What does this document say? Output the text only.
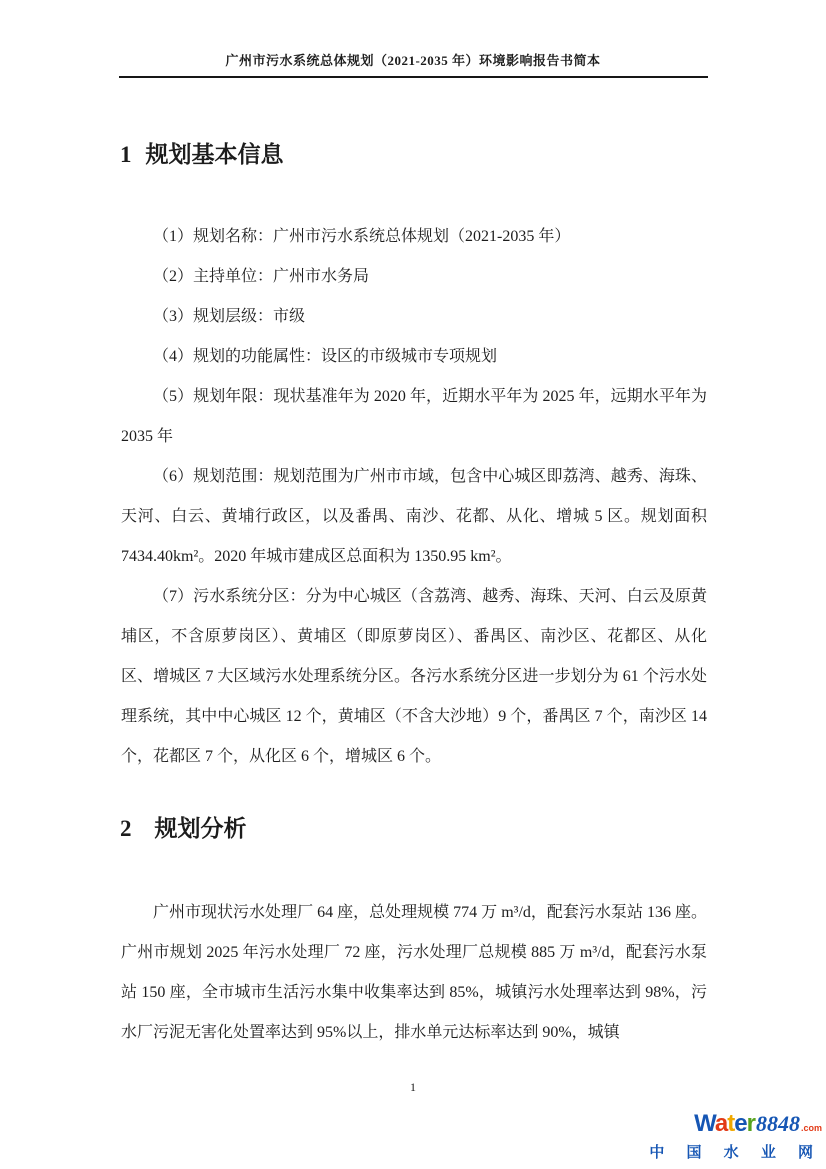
广州市污水系统总体规划（2021-2035 年）环境影响报告书简本
1 规划基本信息

（1）规划名称：广州市污水系统总体规划（2021-2035 年）

（2）主持单位：广州市水务局

（3）规划层级：市级

（4）规划的功能属性：设区的市级城市专项规划

（5）规划年限：现状基准年为 2020 年，近期水平年为 2025 年，远期水平年为 2035 年

（6）规划范围：规划范围为广州市市域，包含中心城区即荔湾、越秀、海珠、天河、白云、黄埔行政区，以及番禺、南沙、花都、从化、增城 5 区。规划面积 7434.40km²。2020 年城市建成区总面积为 1350.95 km²。

（7）污水系统分区：分为中心城区（含荔湾、越秀、海珠、天河、白云及原黄埔区，不含原萝岗区）、黄埔区（即原萝岗区）、番禺区、南沙区、花都区、从化区、增城区 7 大区域污水处理系统分区。各污水系统分区进一步划分为 61 个污水处理系统，其中中心城区 12 个，黄埔区（不含大沙地）9 个，番禺区 7 个，南沙区 14 个，花都区 7 个，从化区 6 个，增城区 6 个。

2 规划分析

广州市现状污水处理厂 64 座，总处理规模 774 万 m³/d，配套污水泵站 136 座。广州市规划 2025 年污水处理厂 72 座，污水处理厂总规模 885 万 m³/d，配套污水泵站 150 座，全市城市生活污水集中收集率达到 85%，城镇污水处理率达到 98%，污水厂污泥无害化处置率达到 95%以上，排水单元达标率达到 90%，城镇

1
Water 8848 .com
中 国 水 业 网
